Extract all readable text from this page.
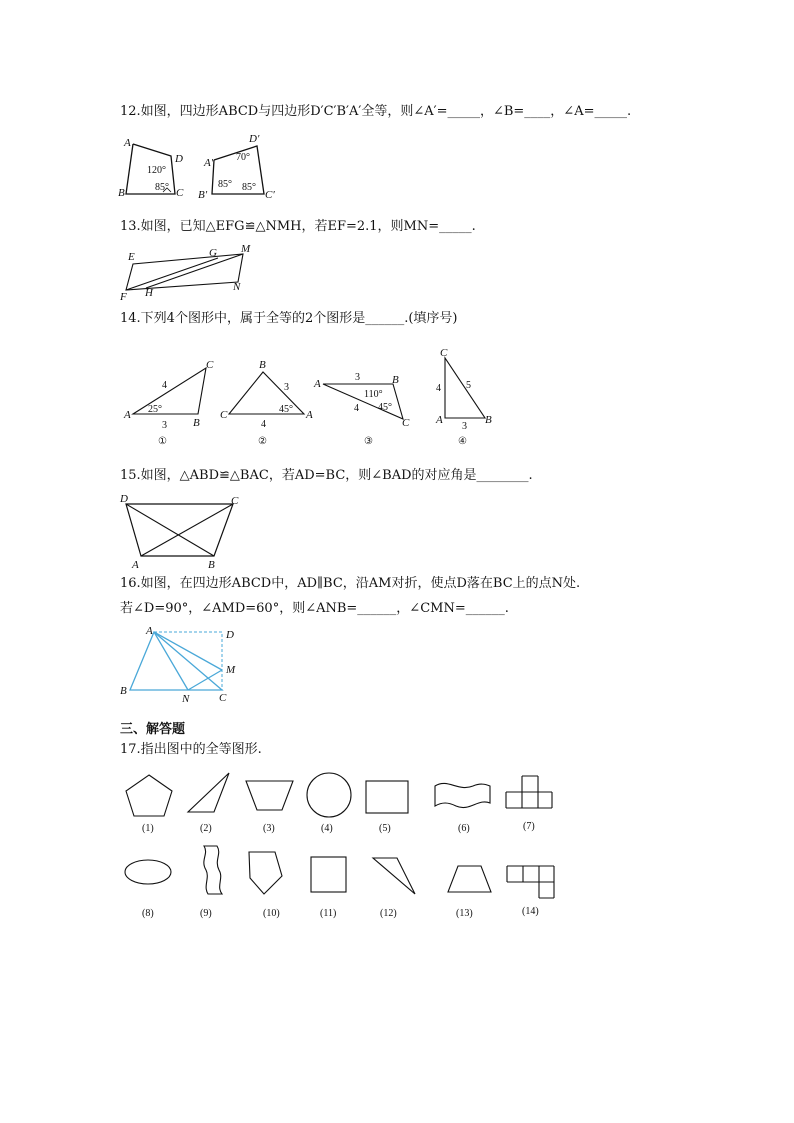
12.如图，四边形ABCD与四边形D′C′B′A′全等，则∠A′=_____，∠B=____，∠A=_____.
A
B	C
D
120°
85°
A′
B′	C′
D′
70°
85° 85°
13.如图，已知△EFG≌△NMH，若EF=2.1，则MN=_____.
E
F
G
H
M
N
14.下列4个图形中，属于全等的2个图形是______.(填序号)
A
B
C
4
3
25°
①
C	A
B
3
4
45°
②
A	B
C
3
4
110°
45°
③
C
A	B
4	5
3
④
15.如图，△ABD≌△BAC，若AD=BC，则∠BAD的对应角是________.
D	C
A	B
16.如图，在四边形ABCD中，AD∥BC，沿AM对折，使点D落在BC上的点N处.
若∠D=90°，∠AMD=60°，则∠ANB=______，∠CMN=______.
A	D
M
B
N	C
三、解答题
17.指出图中的全等图形.
(1)	(2)	(3)	(4)	(5)	(6)	(7)
(8)	(9)	(10)	(11)	(12)	(13)	(14)
